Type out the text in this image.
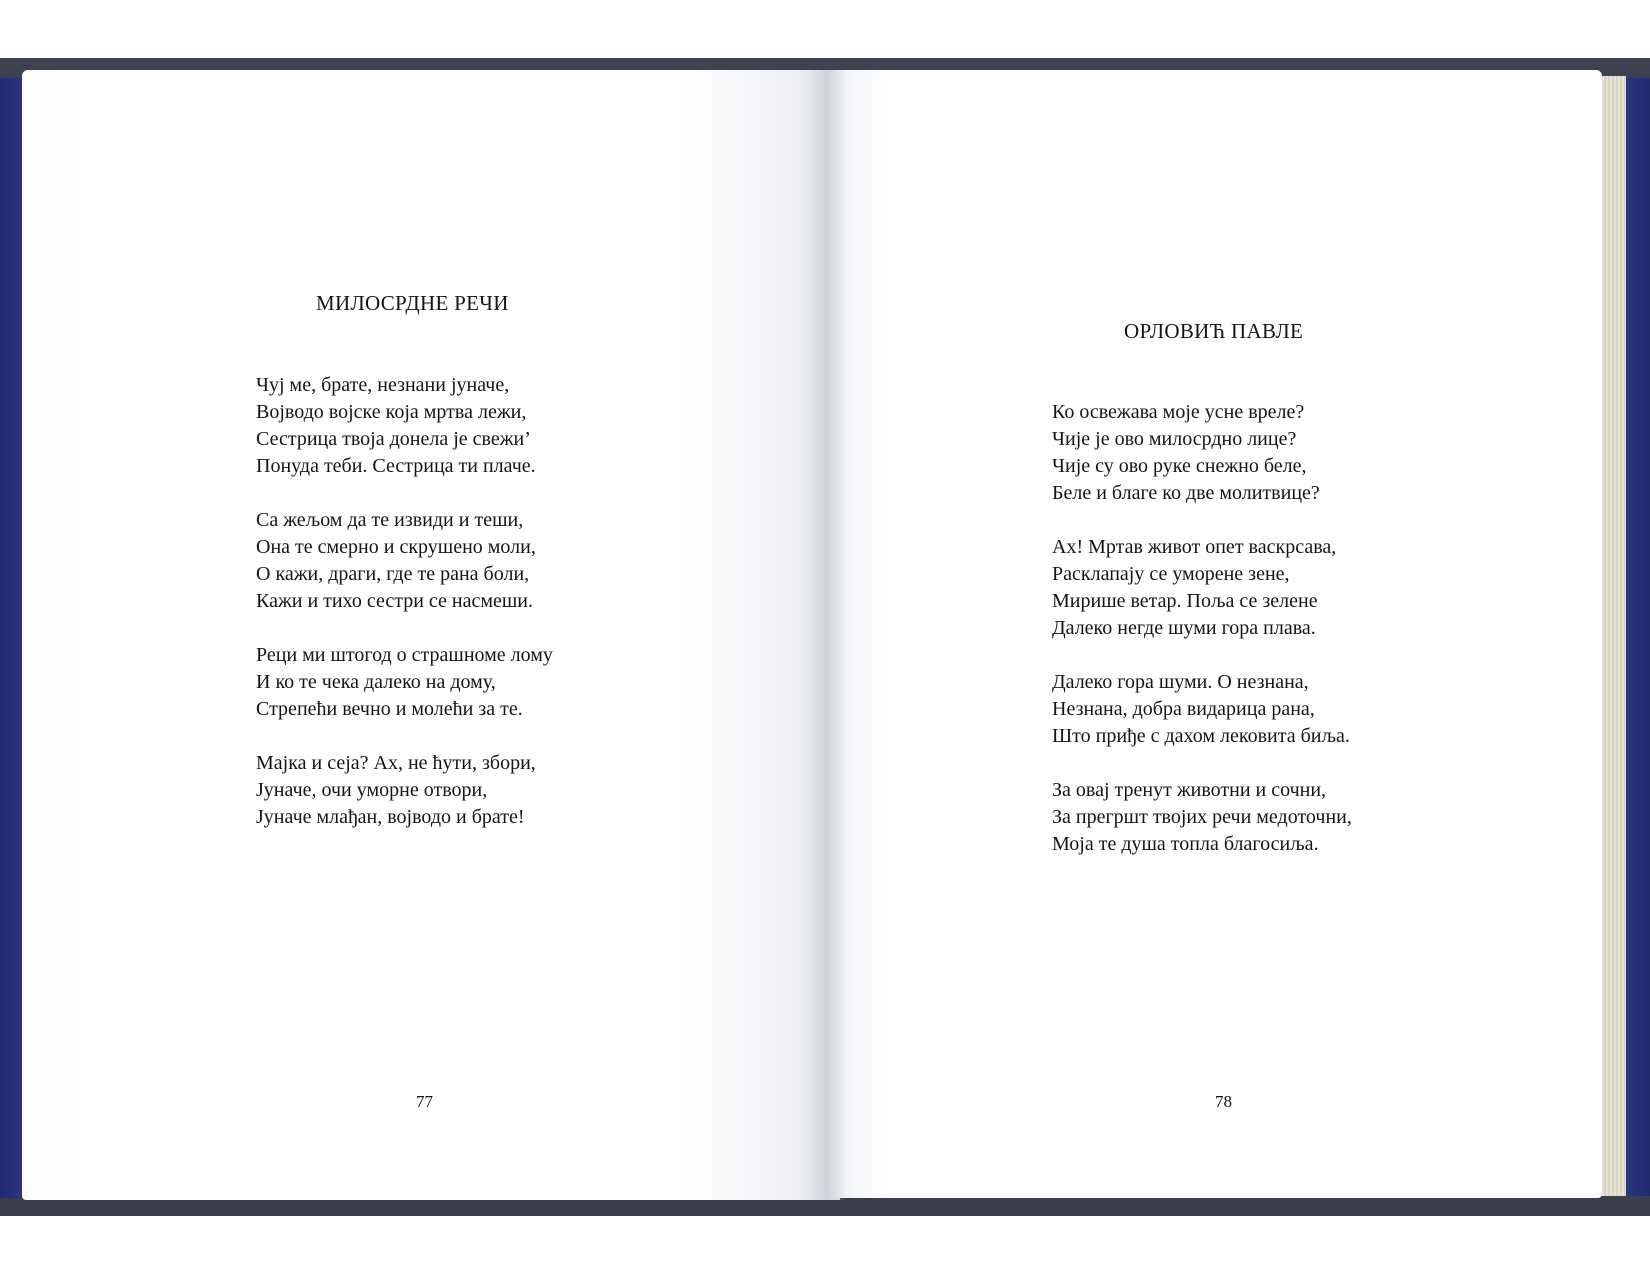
МИЛОСРДНЕ РЕЧИ
Чуј ме, брате, незнани јуначе,
Војводо војске која мртва лежи,
Сестрица твоја донела је свежи’
Понуда теби. Сестрица ти плаче.
Са жељом да те извиди и теши,
Она те смерно и скрушено моли,
О кажи, драги, где те рана боли,
Кажи и тихо сестри се насмеши.
Реци ми штогод о страшноме лому
И ко те чека далеко на дому,
Стрепећи вечно и молећи за те.
Мајка и сеја? Ах, не ћути, збори,
Јуначе, очи уморне отвори,
Јуначе млађан, војводо и брате!
77
ОРЛОВИЋ ПАВЛЕ
Ко освежава моје усне вреле?
Чије је ово милосрдно лице?
Чије су ово руке снежно беле,
Беле и благе ко две молитвице?
Ах! Мртав живот опет васкрсава,
Расклапају се уморене зене,
Мирише ветар. Поља се зелене
Далеко негде шуми гора плава.
Далеко гора шуми. О незнана,
Незнана, добра видарица рана,
Што приђе с дахом лековита биља.
За овај тренут животни и сочни,
За прегршт твојих речи медоточни,
Моја те душа топла благосиља.
78
